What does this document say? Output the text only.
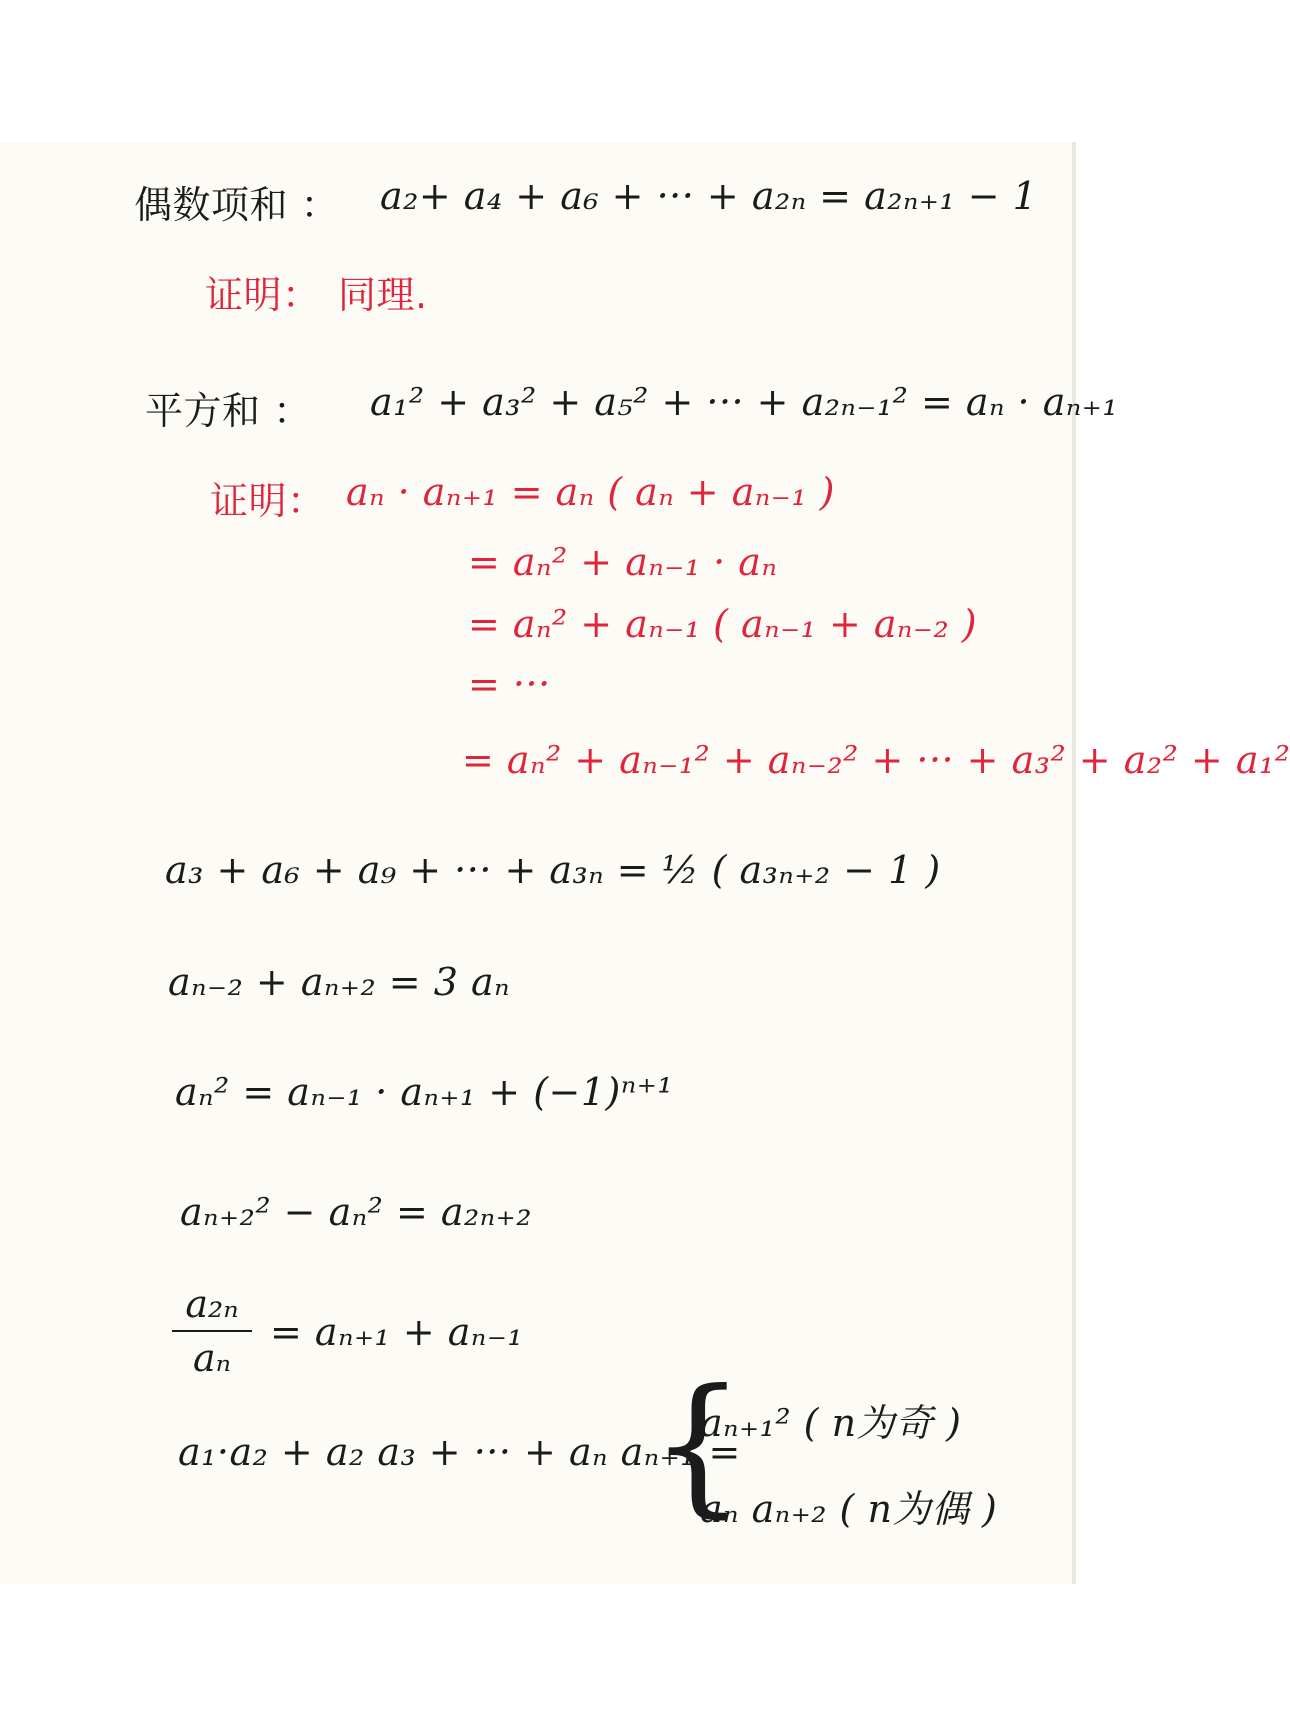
偶数项和 ： a₂+ a₄ + a₆ + ··· + a₂ₙ = a₂ₙ₊₁ − 1
证明： 同理.
平方和 ： a₁² + a₃² + a₅² + ··· + a₂ₙ₋₁² = aₙ · aₙ₊₁
证明： aₙ · aₙ₊₁ = aₙ ( aₙ + aₙ₋₁ )
= aₙ² + aₙ₋₁ · aₙ
= aₙ² + aₙ₋₁ ( aₙ₋₁ + aₙ₋₂ )
= ···
= aₙ² + aₙ₋₁² + aₙ₋₂² + ··· + a₃² + a₂² + a₁²
a₃ + a₆ + a₉ + ··· + a₃ₙ = ½ ( a₃ₙ₊₂ − 1 )
aₙ₋₂ + aₙ₊₂ = 3 aₙ
aₙ² = aₙ₋₁ · aₙ₊₁ + (−1)ⁿ⁺¹
aₙ₊₂² − aₙ² = a₂ₙ₊₂
a₂ₙ
aₙ
= aₙ₊₁ + aₙ₋₁
a₁·a₂ + a₂ a₃ + ··· + aₙ aₙ₊₁ =
{
aₙ₊₁² ( n为奇 )
aₙ aₙ₊₂ ( n为偶 )
